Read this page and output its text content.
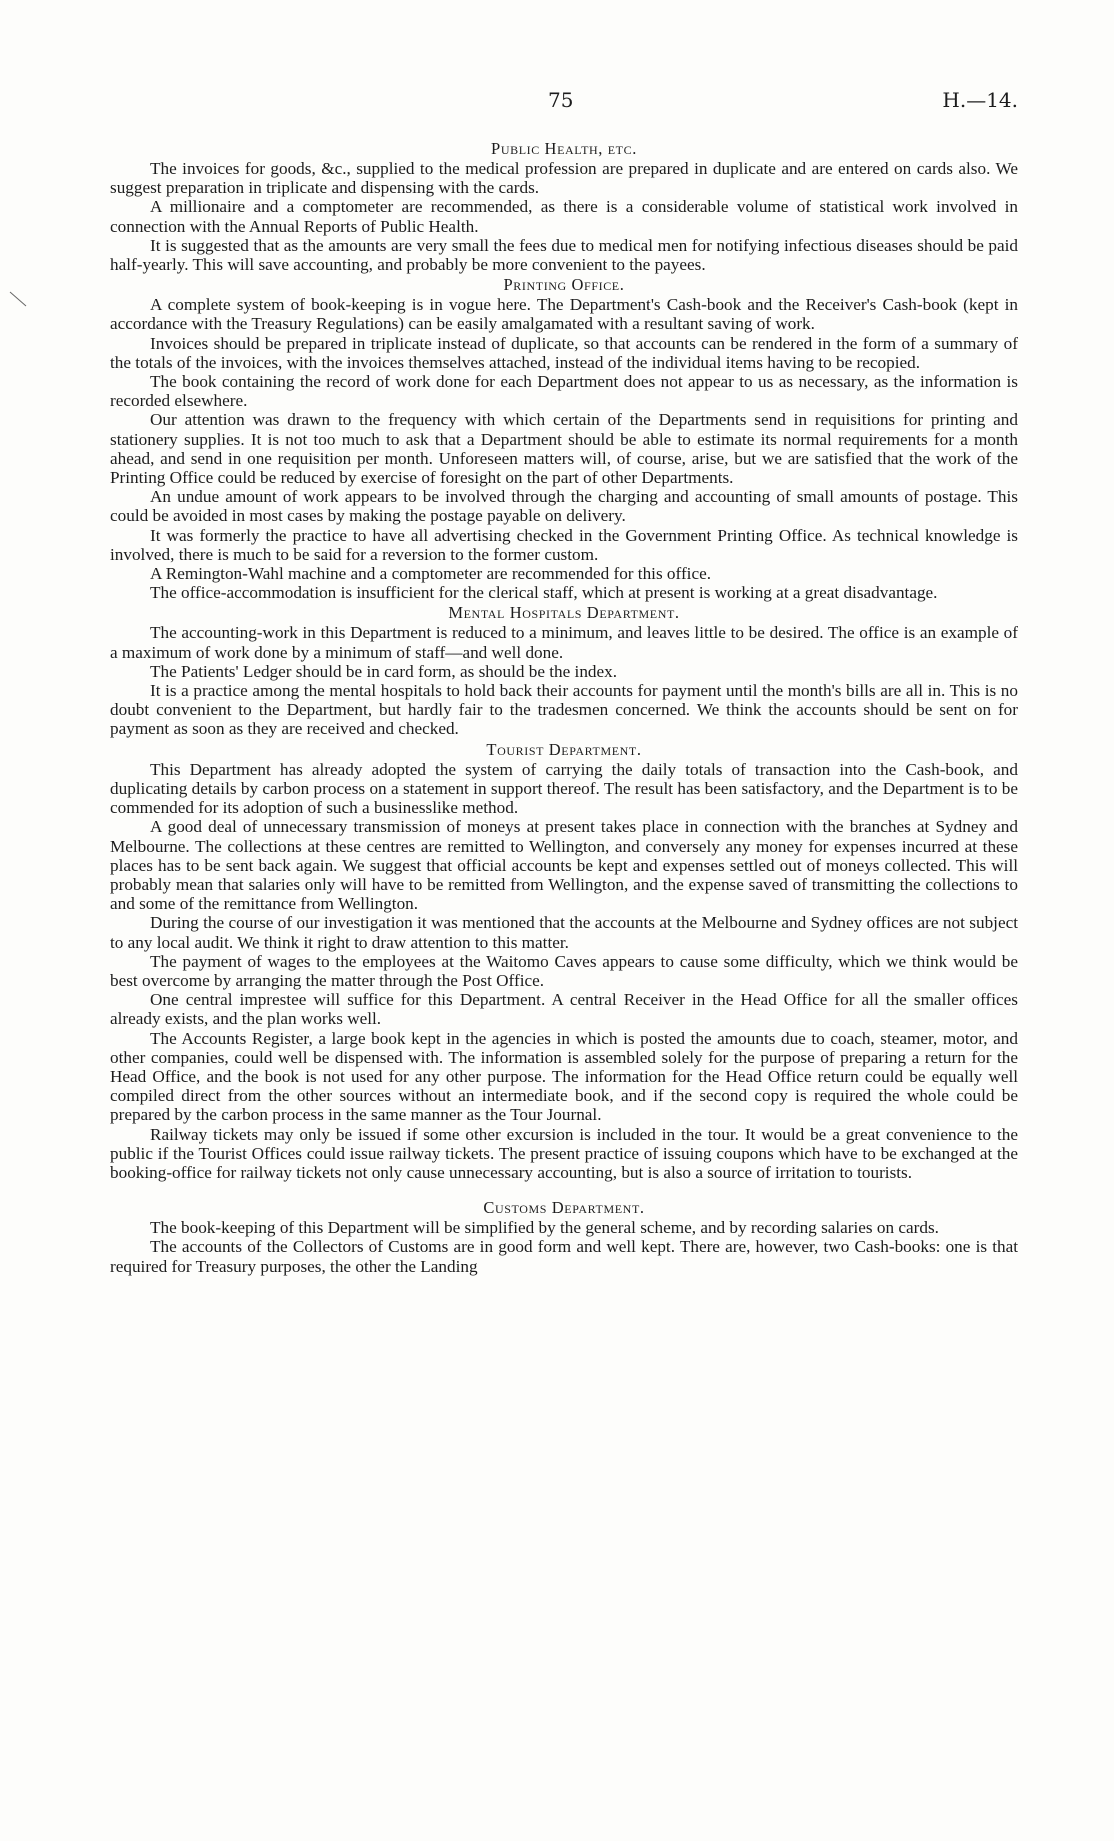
75	H.—14.
Public Health, etc.

The invoices for goods, &c., supplied to the medical profession are prepared in duplicate and are entered on cards also. We suggest preparation in triplicate and dispensing with the cards.

A millionaire and a comptometer are recommended, as there is a considerable volume of statistical work involved in connection with the Annual Reports of Public Health.

It is suggested that as the amounts are very small the fees due to medical men for notifying infectious diseases should be paid half-yearly. This will save accounting, and probably be more convenient to the payees.

Printing Office.

A complete system of book-keeping is in vogue here. The Department's Cash-book and the Receiver's Cash-book (kept in accordance with the Treasury Regulations) can be easily amalgamated with a resultant saving of work.

Invoices should be prepared in triplicate instead of duplicate, so that accounts can be rendered in the form of a summary of the totals of the invoices, with the invoices themselves attached, instead of the individual items having to be recopied.

The book containing the record of work done for each Department does not appear to us as necessary, as the information is recorded elsewhere.

Our attention was drawn to the frequency with which certain of the Departments send in requisitions for printing and stationery supplies. It is not too much to ask that a Department should be able to estimate its normal requirements for a month ahead, and send in one requisition per month. Unforeseen matters will, of course, arise, but we are satisfied that the work of the Printing Office could be reduced by exercise of foresight on the part of other Departments.

An undue amount of work appears to be involved through the charging and accounting of small amounts of postage. This could be avoided in most cases by making the postage payable on delivery.

It was formerly the practice to have all advertising checked in the Government Printing Office. As technical knowledge is involved, there is much to be said for a reversion to the former custom.

A Remington-Wahl machine and a comptometer are recommended for this office.

The office-accommodation is insufficient for the clerical staff, which at present is working at a great disadvantage.

Mental Hospitals Department.

The accounting-work in this Department is reduced to a minimum, and leaves little to be desired. The office is an example of a maximum of work done by a minimum of staff—and well done.

The Patients' Ledger should be in card form, as should be the index.

It is a practice among the mental hospitals to hold back their accounts for payment until the month's bills are all in. This is no doubt convenient to the Department, but hardly fair to the tradesmen concerned. We think the accounts should be sent on for payment as soon as they are received and checked.

Tourist Department.

This Department has already adopted the system of carrying the daily totals of transaction into the Cash-book, and duplicating details by carbon process on a statement in support thereof. The result has been satisfactory, and the Department is to be commended for its adoption of such a businesslike method.

A good deal of unnecessary transmission of moneys at present takes place in connection with the branches at Sydney and Melbourne. The collections at these centres are remitted to Wellington, and conversely any money for expenses incurred at these places has to be sent back again. We suggest that official accounts be kept and expenses settled out of moneys collected. This will probably mean that salaries only will have to be remitted from Wellington, and the expense saved of transmitting the collections to and some of the remittance from Wellington.

During the course of our investigation it was mentioned that the accounts at the Melbourne and Sydney offices are not subject to any local audit. We think it right to draw attention to this matter.

The payment of wages to the employees at the Waitomo Caves appears to cause some difficulty, which we think would be best overcome by arranging the matter through the Post Office.

One central imprestee will suffice for this Department. A central Receiver in the Head Office for all the smaller offices already exists, and the plan works well.

The Accounts Register, a large book kept in the agencies in which is posted the amounts due to coach, steamer, motor, and other companies, could well be dispensed with. The information is assembled solely for the purpose of preparing a return for the Head Office, and the book is not used for any other purpose. The information for the Head Office return could be equally well compiled direct from the other sources without an intermediate book, and if the second copy is required the whole could be prepared by the carbon process in the same manner as the Tour Journal.

Railway tickets may only be issued if some other excursion is included in the tour. It would be a great convenience to the public if the Tourist Offices could issue railway tickets. The present practice of issuing coupons which have to be exchanged at the booking-office for railway tickets not only cause unnecessary accounting, but is also a source of irritation to tourists.

Customs Department.

The book-keeping of this Department will be simplified by the general scheme, and by recording salaries on cards.

The accounts of the Collectors of Customs are in good form and well kept. There are, however, two Cash-books: one is that required for Treasury purposes, the other the Landing
